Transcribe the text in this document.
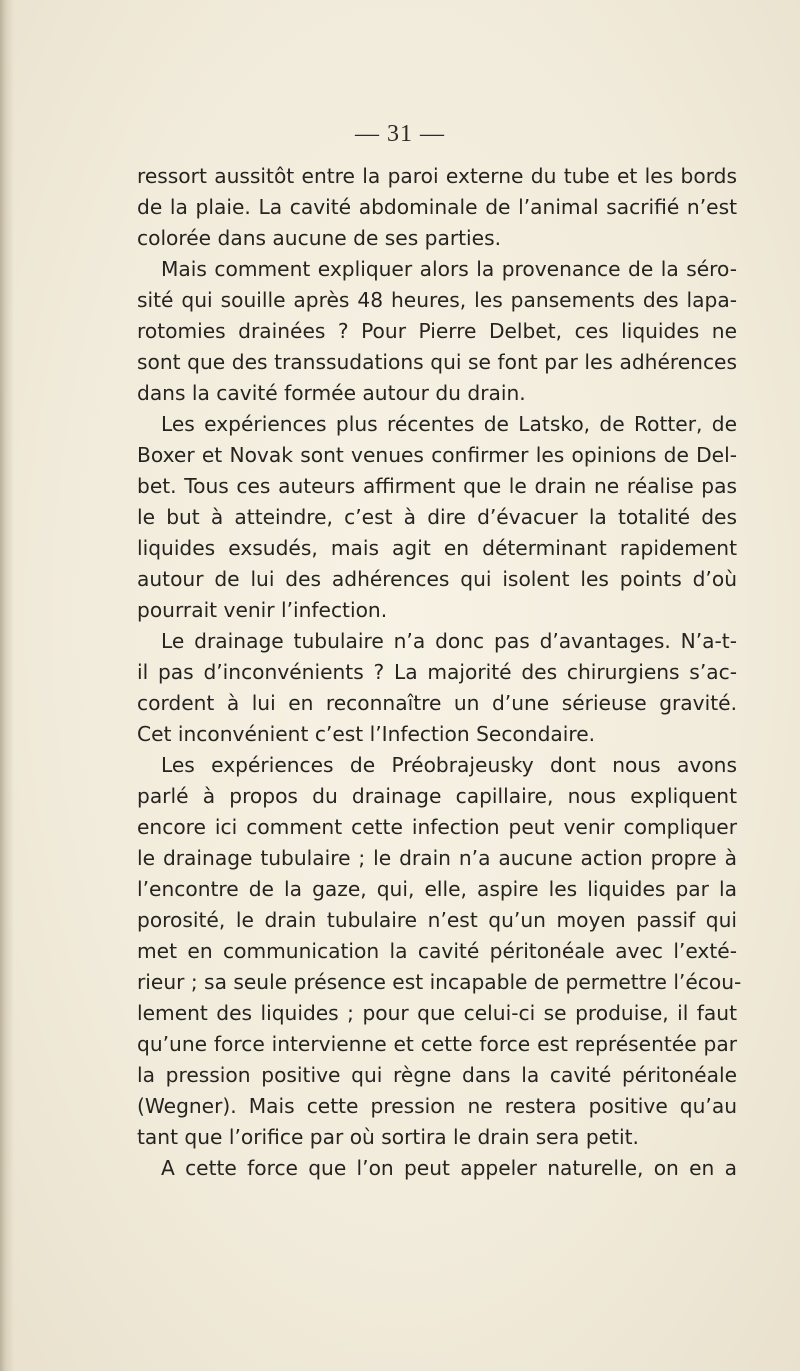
— 31 —
ressort aussitôt entre la paroi externe du tube et les bords
de la plaie. La cavité abdominale de l’animal sacrifié n’est
colorée dans aucune de ses parties.
Mais comment expliquer alors la provenance de la séro-
sité qui souille après 48 heures, les pansements des lapa-
rotomies drainées ? Pour Pierre Delbet, ces liquides ne
sont que des transsudations qui se font par les adhérences
dans la cavité formée autour du drain.
Les expériences plus récentes de Latsko, de Rotter, de
Boxer et Novak sont venues confirmer les opinions de Del-
bet. Tous ces auteurs affirment que le drain ne réalise pas
le but à atteindre, c’est à dire d’évacuer la totalité des
liquides exsudés, mais agit en déterminant rapidement
autour de lui des adhérences qui isolent les points d’où
pourrait venir l’infection.
Le drainage tubulaire n’a donc pas d’avantages. N’a-t-
il pas d’inconvénients ? La majorité des chirurgiens s’ac-
cordent à lui en reconnaître un d’une sérieuse gravité.
Cet inconvénient c’est l’Infection Secondaire.
Les expériences de Préobrajeusky dont nous avons
parlé à propos du drainage capillaire, nous expliquent
encore ici comment cette infection peut venir compliquer
le drainage tubulaire ; le drain n’a aucune action propre à
l’encontre de la gaze, qui, elle, aspire les liquides par la
porosité, le drain tubulaire n’est qu’un moyen passif qui
met en communication la cavité péritonéale avec l’exté-
rieur ; sa seule présence est incapable de permettre l’écou-
lement des liquides ; pour que celui-ci se produise, il faut
qu’une force intervienne et cette force est représentée par
la pression positive qui règne dans la cavité péritonéale
(Wegner). Mais cette pression ne restera positive qu’au
tant que l’orifice par où sortira le drain sera petit.
A cette force que l’on peut appeler naturelle, on en a
